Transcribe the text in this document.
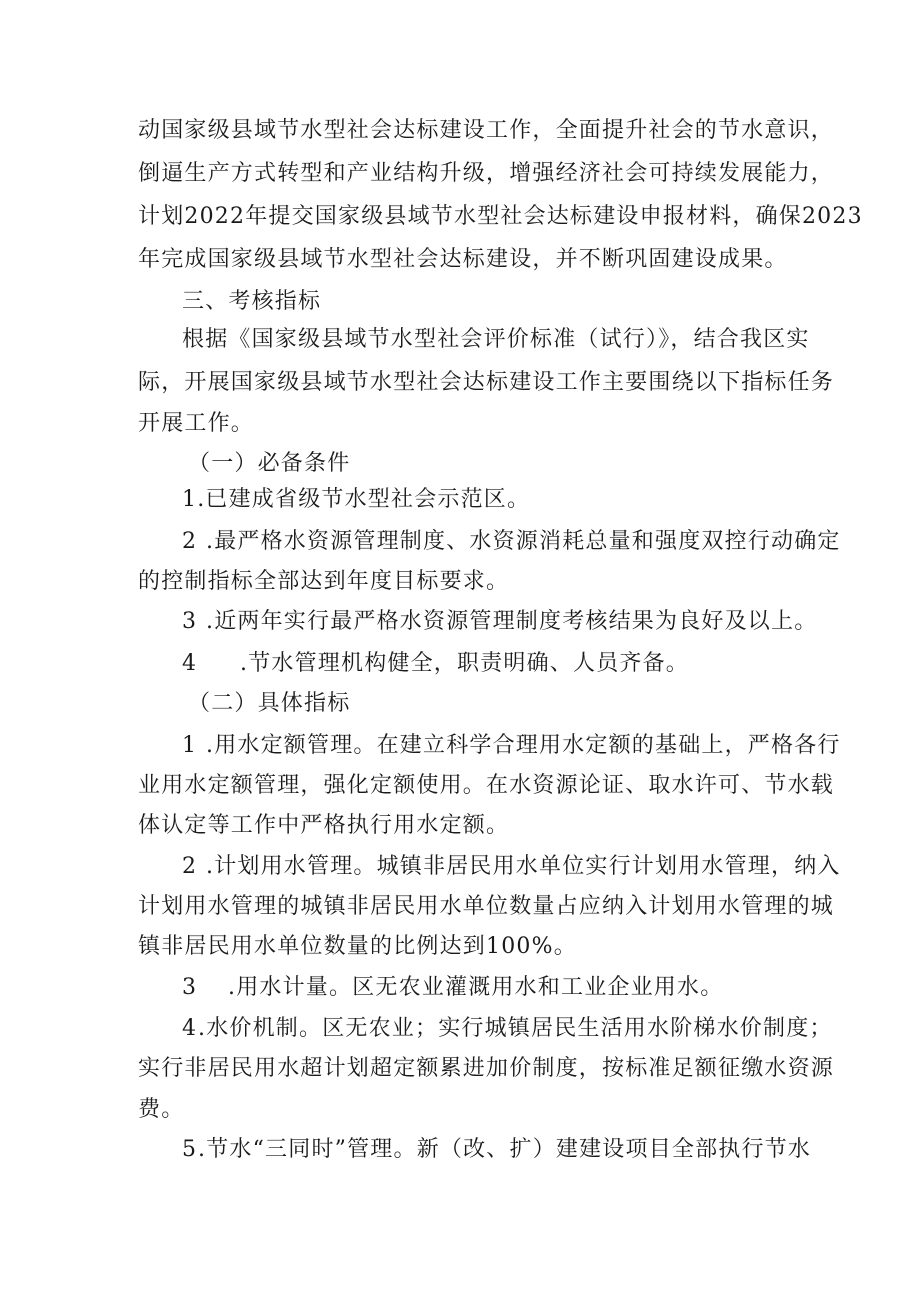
动国家级县域节水型社会达标建设工作，全面提升社会的节水意识，
倒逼生产方式转型和产业结构升级，增强经济社会可持续发展能力，
计划2022年提交国家级县域节水型社会达标建设申报材料，确保2023
年完成国家级县域节水型社会达标建设，并不断巩固建设成果。
三、考核指标
根据《国家级县域节水型社会评价标准（试行）》，结合我区实
际，开展国家级县域节水型社会达标建设工作主要围绕以下指标任务
开展工作。
（一）必备条件
1.已建成省级节水型社会示范区。
2 .最严格水资源管理制度、水资源消耗总量和强度双控行动确定
的控制指标全部达到年度目标要求。
3 .近两年实行最严格水资源管理制度考核结果为良好及以上。
4 .节水管理机构健全，职责明确、人员齐备。
（二）具体指标
1 .用水定额管理。在建立科学合理用水定额的基础上，严格各行
业用水定额管理，强化定额使用。在水资源论证、取水许可、节水载
体认定等工作中严格执行用水定额。
2 .计划用水管理。城镇非居民用水单位实行计划用水管理，纳入
计划用水管理的城镇非居民用水单位数量占应纳入计划用水管理的城
镇非居民用水单位数量的比例达到100%。
3 .用水计量。区无农业灌溉用水和工业企业用水。
4 .水价机制。区无农业；实行城镇居民生活用水阶梯水价制度；
实行非居民用水超计划超定额累进加价制度，按标准足额征缴水资源
费。
5 .节水“三同时”管理。新（改、扩）建建设项目全部执行节水
